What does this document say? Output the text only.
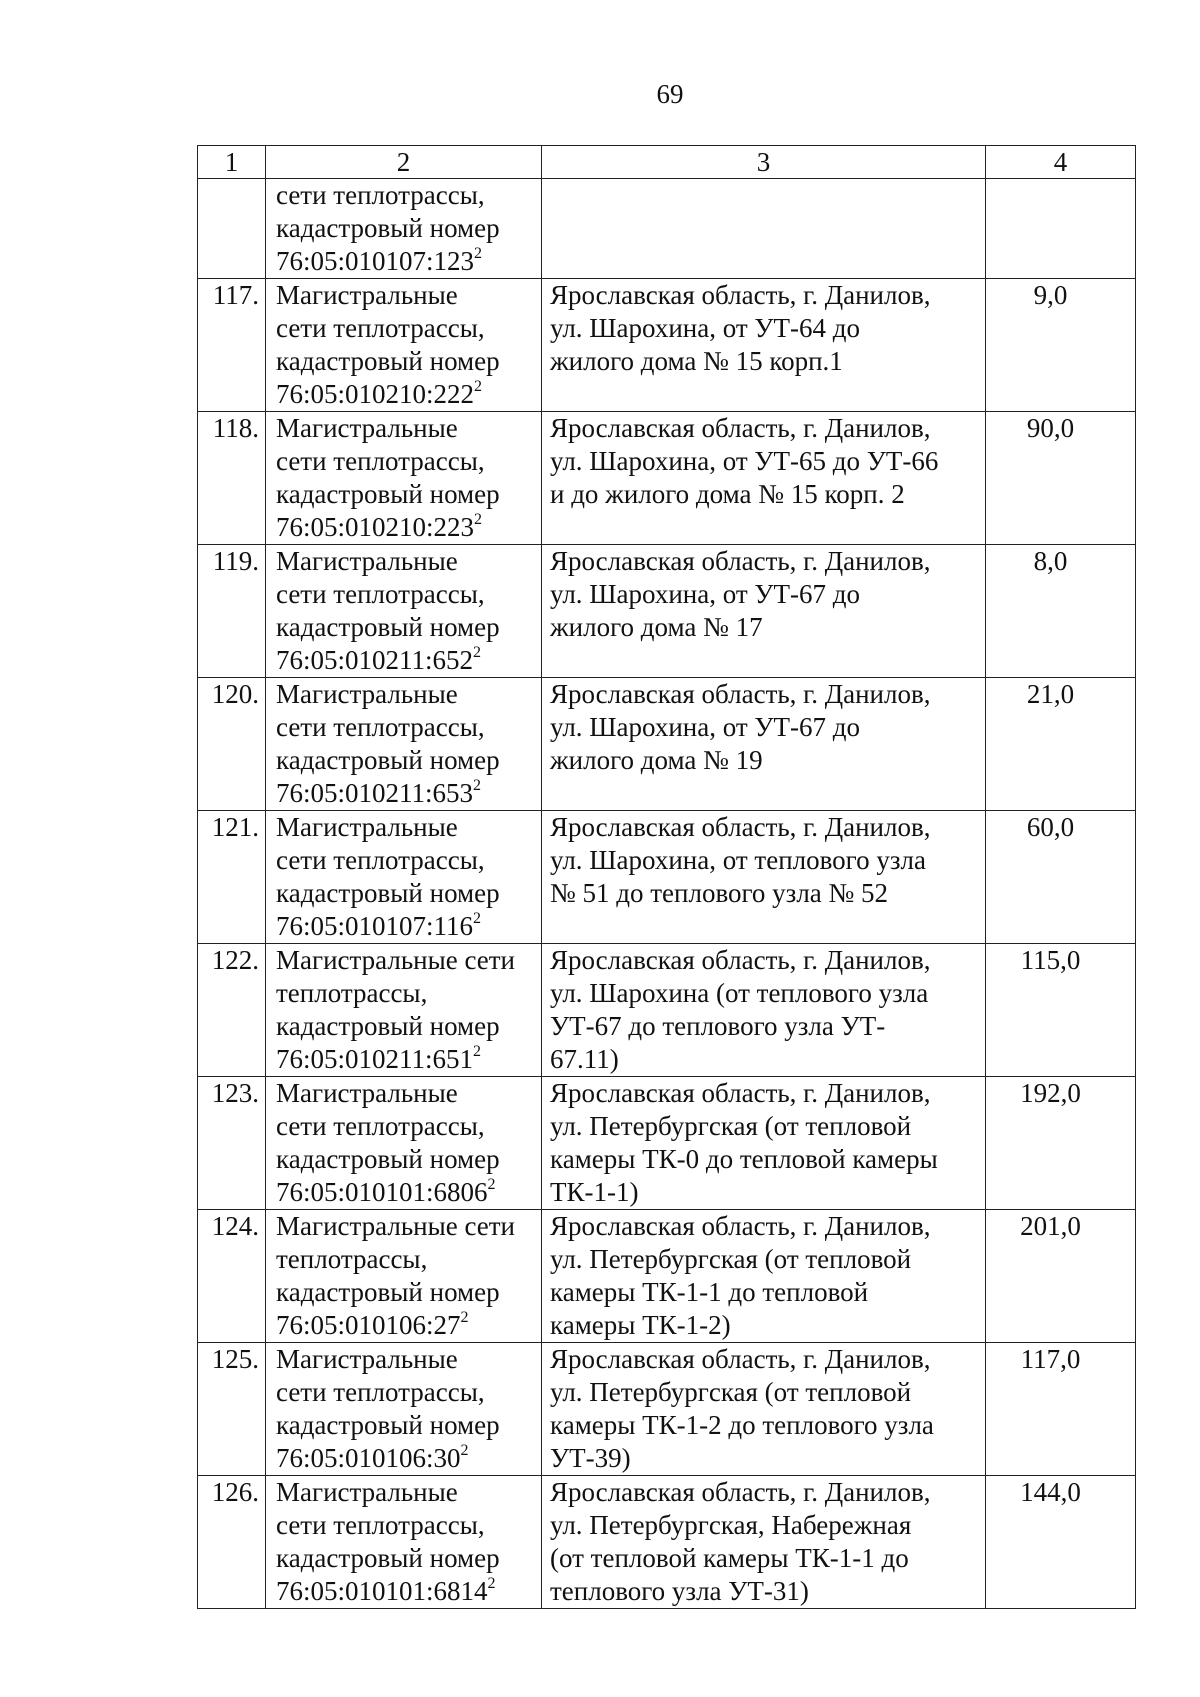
69
1	2	3	4

	сети теплотрассы,
кадастровый номер
$76:05:010107:123^2$

117.	Магистральные
сети теплотрассы,
кадастровый номер
$76:05:010210:222^2$	Ярославская область, г. Данилов,
ул. Шарохина, от УТ-64 до
жилого дома № 15 корп.1	9,0
118.	Магистральные
сети теплотрассы,
кадастровый номер
$76:05:010210:223^2$	Ярославская область, г. Данилов,
ул. Шарохина, от УТ-65 до УТ-66
и до жилого дома № 15 корп. 2	90,0
119.	Магистральные
сети теплотрассы,
кадастровый номер
$76:05:010211:652^2$	Ярославская область, г. Данилов,
ул. Шарохина, от УТ-67 до
жилого дома № 17	8,0
120.	Магистральные
сети теплотрассы,
кадастровый номер
$76:05:010211:653^2$	Ярославская область, г. Данилов,
ул. Шарохина, от УТ-67 до
жилого дома № 19	21,0
121.	Магистральные
сети теплотрассы,
кадастровый номер
$76:05:010107:116^2$	Ярославская область, г. Данилов,
ул. Шарохина, от теплового узла
№ 51 до теплового узла № 52	60,0
122.	Магистральные сети
теплотрассы,
кадастровый номер
$76:05:010211:651^2$	Ярославская область, г. Данилов,
ул. Шарохина (от теплового узла
УТ-67 до теплового узла УТ-
67.11)	115,0
123.	Магистральные
сети теплотрассы,
кадастровый номер
76:05:010101:6806$^2$	Ярославская область, г. Данилов,
ул. Петербургская (от тепловой
камеры ТК-0 до тепловой камеры
ТК-1-1)	192,0
124.	Магистральные сети
теплотрассы,
кадастровый номер
$76:05:010106:27^2$	Ярославская область, г. Данилов,
ул. Петербургская (от тепловой
камеры ТК-1-1 до тепловой
камеры ТК-1-2)	201,0
125.	Магистральные
сети теплотрассы,
кадастровый номер
$76:05:010106:30^2$	Ярославская область, г. Данилов,
ул. Петербургская (от тепловой
камеры ТК-1-2 до теплового узла
УТ-39)	117,0
126.	Магистральные
сети теплотрассы,
кадастровый номер
76:05:010101:6814$^2$	Ярославская область, г. Данилов,
ул. Петербургская, Набережная
(от тепловой камеры ТК-1-1 до
теплового узла УТ-31)	144,0
